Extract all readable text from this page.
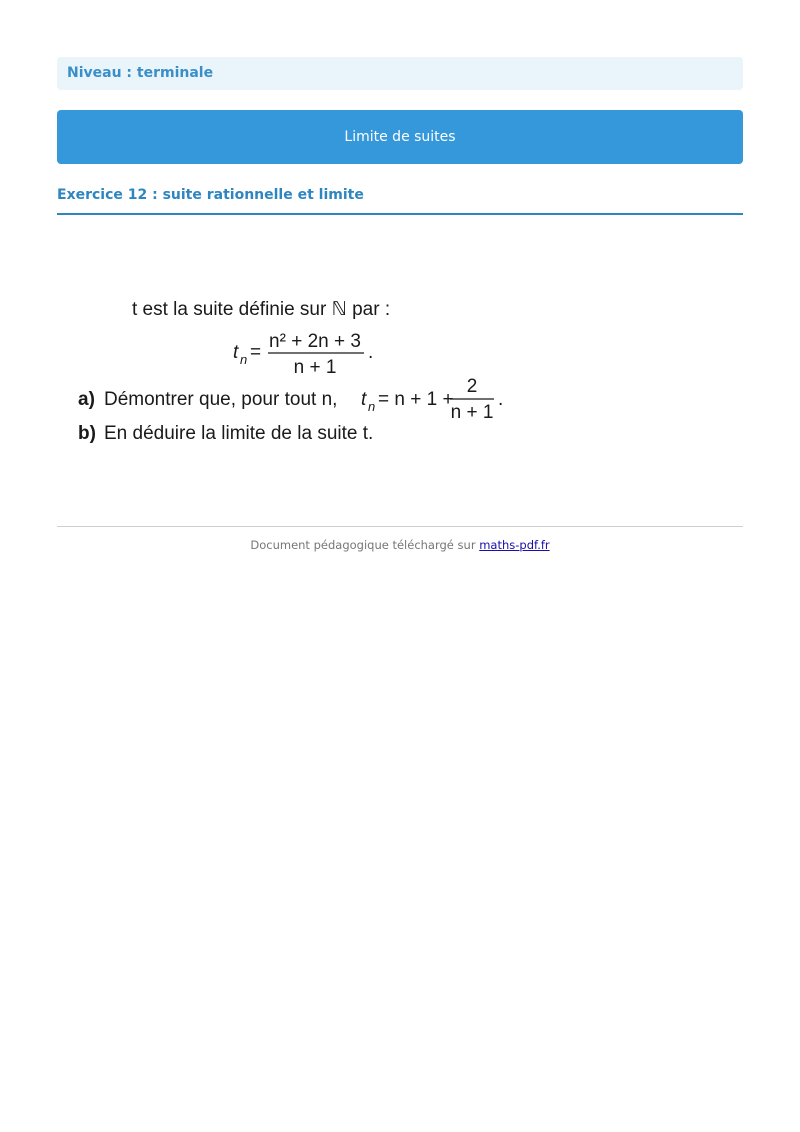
Niveau : terminale
Limite de suites
Exercice 12 : suite rationnelle et limite
t est la suite définie sur ℕ par :
t n =
n² + 2n + 3
n + 1
.
a) Démontrer que, pour tout n, t n = n + 1 +
2
n + 1
.
b) En déduire la limite de la suite t.
Document pédagogique téléchargé sur maths-pdf.fr
